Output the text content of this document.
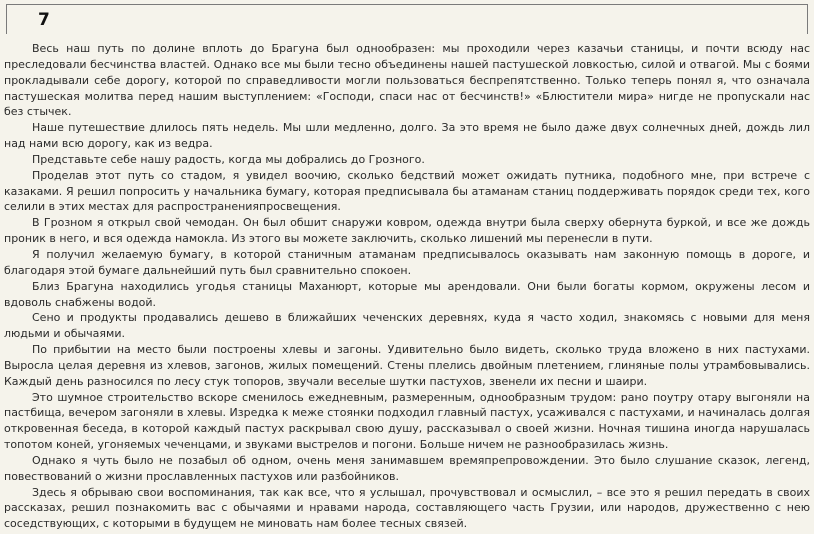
7

Весь наш путь по долине вплоть до Брагуна был однообразен: мы проходили через казачьи станицы, и почти всюду нас преследовали бесчинства властей. Однако все мы были тесно объединены нашей пастушеской ловкостью, силой и отвагой. Мы с боями прокладывали себе дорогу, которой по справедливости могли пользоваться беспрепятственно. Только теперь понял я, что означала пастушеская молитва перед нашим выступлением: «Господи, спаси нас от бесчинств!» «Блюстители мира» нигде не пропускали нас без стычек.

Наше путешествие длилось пять недель. Мы шли медленно, долго. За это время не было даже двух солнечных дней, дождь лил над нами всю дорогу, как из ведра.

Представьте себе нашу радость, когда мы добрались до Грозного.

Проделав этот путь со стадом, я увидел воочию, сколько бедствий может ожидать путника, подобного мне, при встрече с казаками. Я решил попросить у начальника бумагу, которая предписывала бы атаманам станиц поддерживать порядок среди тех, кого селили в этих местах для распространенияпросвещения.

В Грозном я открыл свой чемодан. Он был обшит снаружи ковром, одежда внутри была сверху обернута буркой, и все же дождь проник в него, и вся одежда намокла. Из этого вы можете заключить, сколько лишений мы перенесли в пути.

Я получил желаемую бумагу, в которой станичным атаманам предписывалось оказывать нам законную помощь в дороге, и благодаря этой бумаге дальнейший путь был сравнительно спокоен.

Близ Брагуна находились угодья станицы Маханюрт, которые мы арендовали. Они были богаты кормом, окружены лесом и вдоволь снабжены водой.

Сено и продукты продавались дешево в ближайших чеченских деревнях, куда я часто ходил, знакомясь с новыми для меня людьми и обычаями.

По прибытии на место были построены хлевы и загоны. Удивительно было видеть, сколько труда вложено в них пастухами. Выросла целая деревня из хлевов, загонов, жилых помещений. Стены плелись двойным плетением, глиняные полы утрамбовывались. Каждый день разносился по лесу стук топоров, звучали веселые шутки пастухов, звенели их песни и шаири.

Это шумное строительство вскоре сменилось ежедневным, размеренным, однообразным трудом: рано поутру отару выгоняли на пастбища, вечером загоняли в хлевы. Изредка к меже стоянки подходил главный пастух, усаживался с пастухами, и начиналась долгая откровенная беседа, в которой каждый пастух раскрывал свою душу, рассказывал о своей жизни. Ночная тишина иногда нарушалась топотом коней, угоняемых чеченцами, и звуками выстрелов и погони. Больше ничем не разнообразилась жизнь.

Однако я чуть было не позабыл об одном, очень меня занимавшем времяпрепровождении. Это было слушание сказок, легенд, повествований о жизни прославленных пастухов или разбойников.

Здесь я обрываю свои воспоминания, так как все, что я услышал, прочувствовал и осмыслил, – все это я решил передать в своих рассказах, решил познакомить вас с обычаями и нравами народа, составляющего часть Грузии, или народов, дружественно с нею соседствующих, с которыми в будущем не миновать нам более тесных связей.
